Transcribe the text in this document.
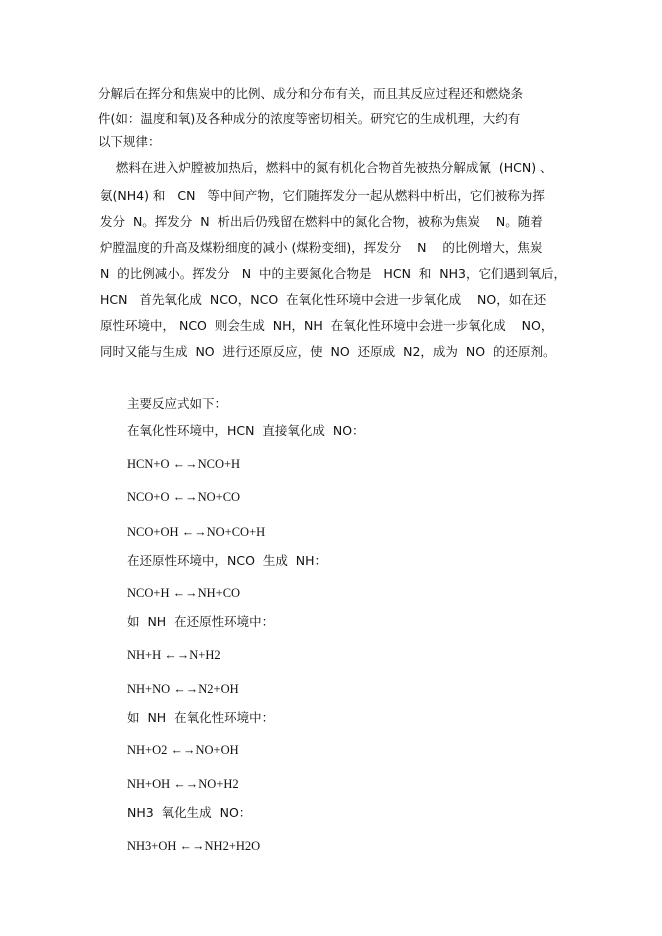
分解后在挥分和焦炭中的比例、成分和分布有关，而且其反应过程还和燃烧条
件(如：温度和氧)及各种成分的浓度等密切相关。研究它的生成机理，大约有
以下规律：
燃料在进入炉膛被加热后，燃料中的氮有机化合物首先被热分解成氰  (HCN) 、
氨(NH4) 和   CN   等中间产物，它们随挥发分一起从燃料中析出，它们被称为挥
发分  N。挥发分  N  析出后仍残留在燃料中的氮化合物，被称为焦炭    N。随着
炉膛温度的升高及煤粉细度的减小 (煤粉变细)，挥发分    N    的比例增大，焦炭
N  的比例减小。挥发分   N  中的主要氮化合物是   HCN  和  NH3，它们遇到氧后，
HCN   首先氧化成  NCO，NCO  在氧化性环境中会进一步氧化成    NO，如在还
原性环境中， NCO  则会生成  NH，NH  在氧化性环境中会进一步氧化成    NO，
同时又能与生成  NO  进行还原反应，使  NO  还原成  N2，成为  NO  的还原剂。
主要反应式如下：
在氧化性环境中，HCN  直接氧化成  NO：
HCN+O ←→NCO+H
NCO+O ←→NO+CO
NCO+OH ←→NO+CO+H
在还原性环境中，NCO  生成  NH：
NCO+H ←→NH+CO
如  NH  在还原性环境中：
NH+H ←→N+H2
NH+NO ←→N2+OH
如  NH  在氧化性环境中：
NH+O2 ←→NO+OH
NH+OH ←→NO+H2
NH3  氧化生成  NO：
NH3+OH ←→NH2+H2O
